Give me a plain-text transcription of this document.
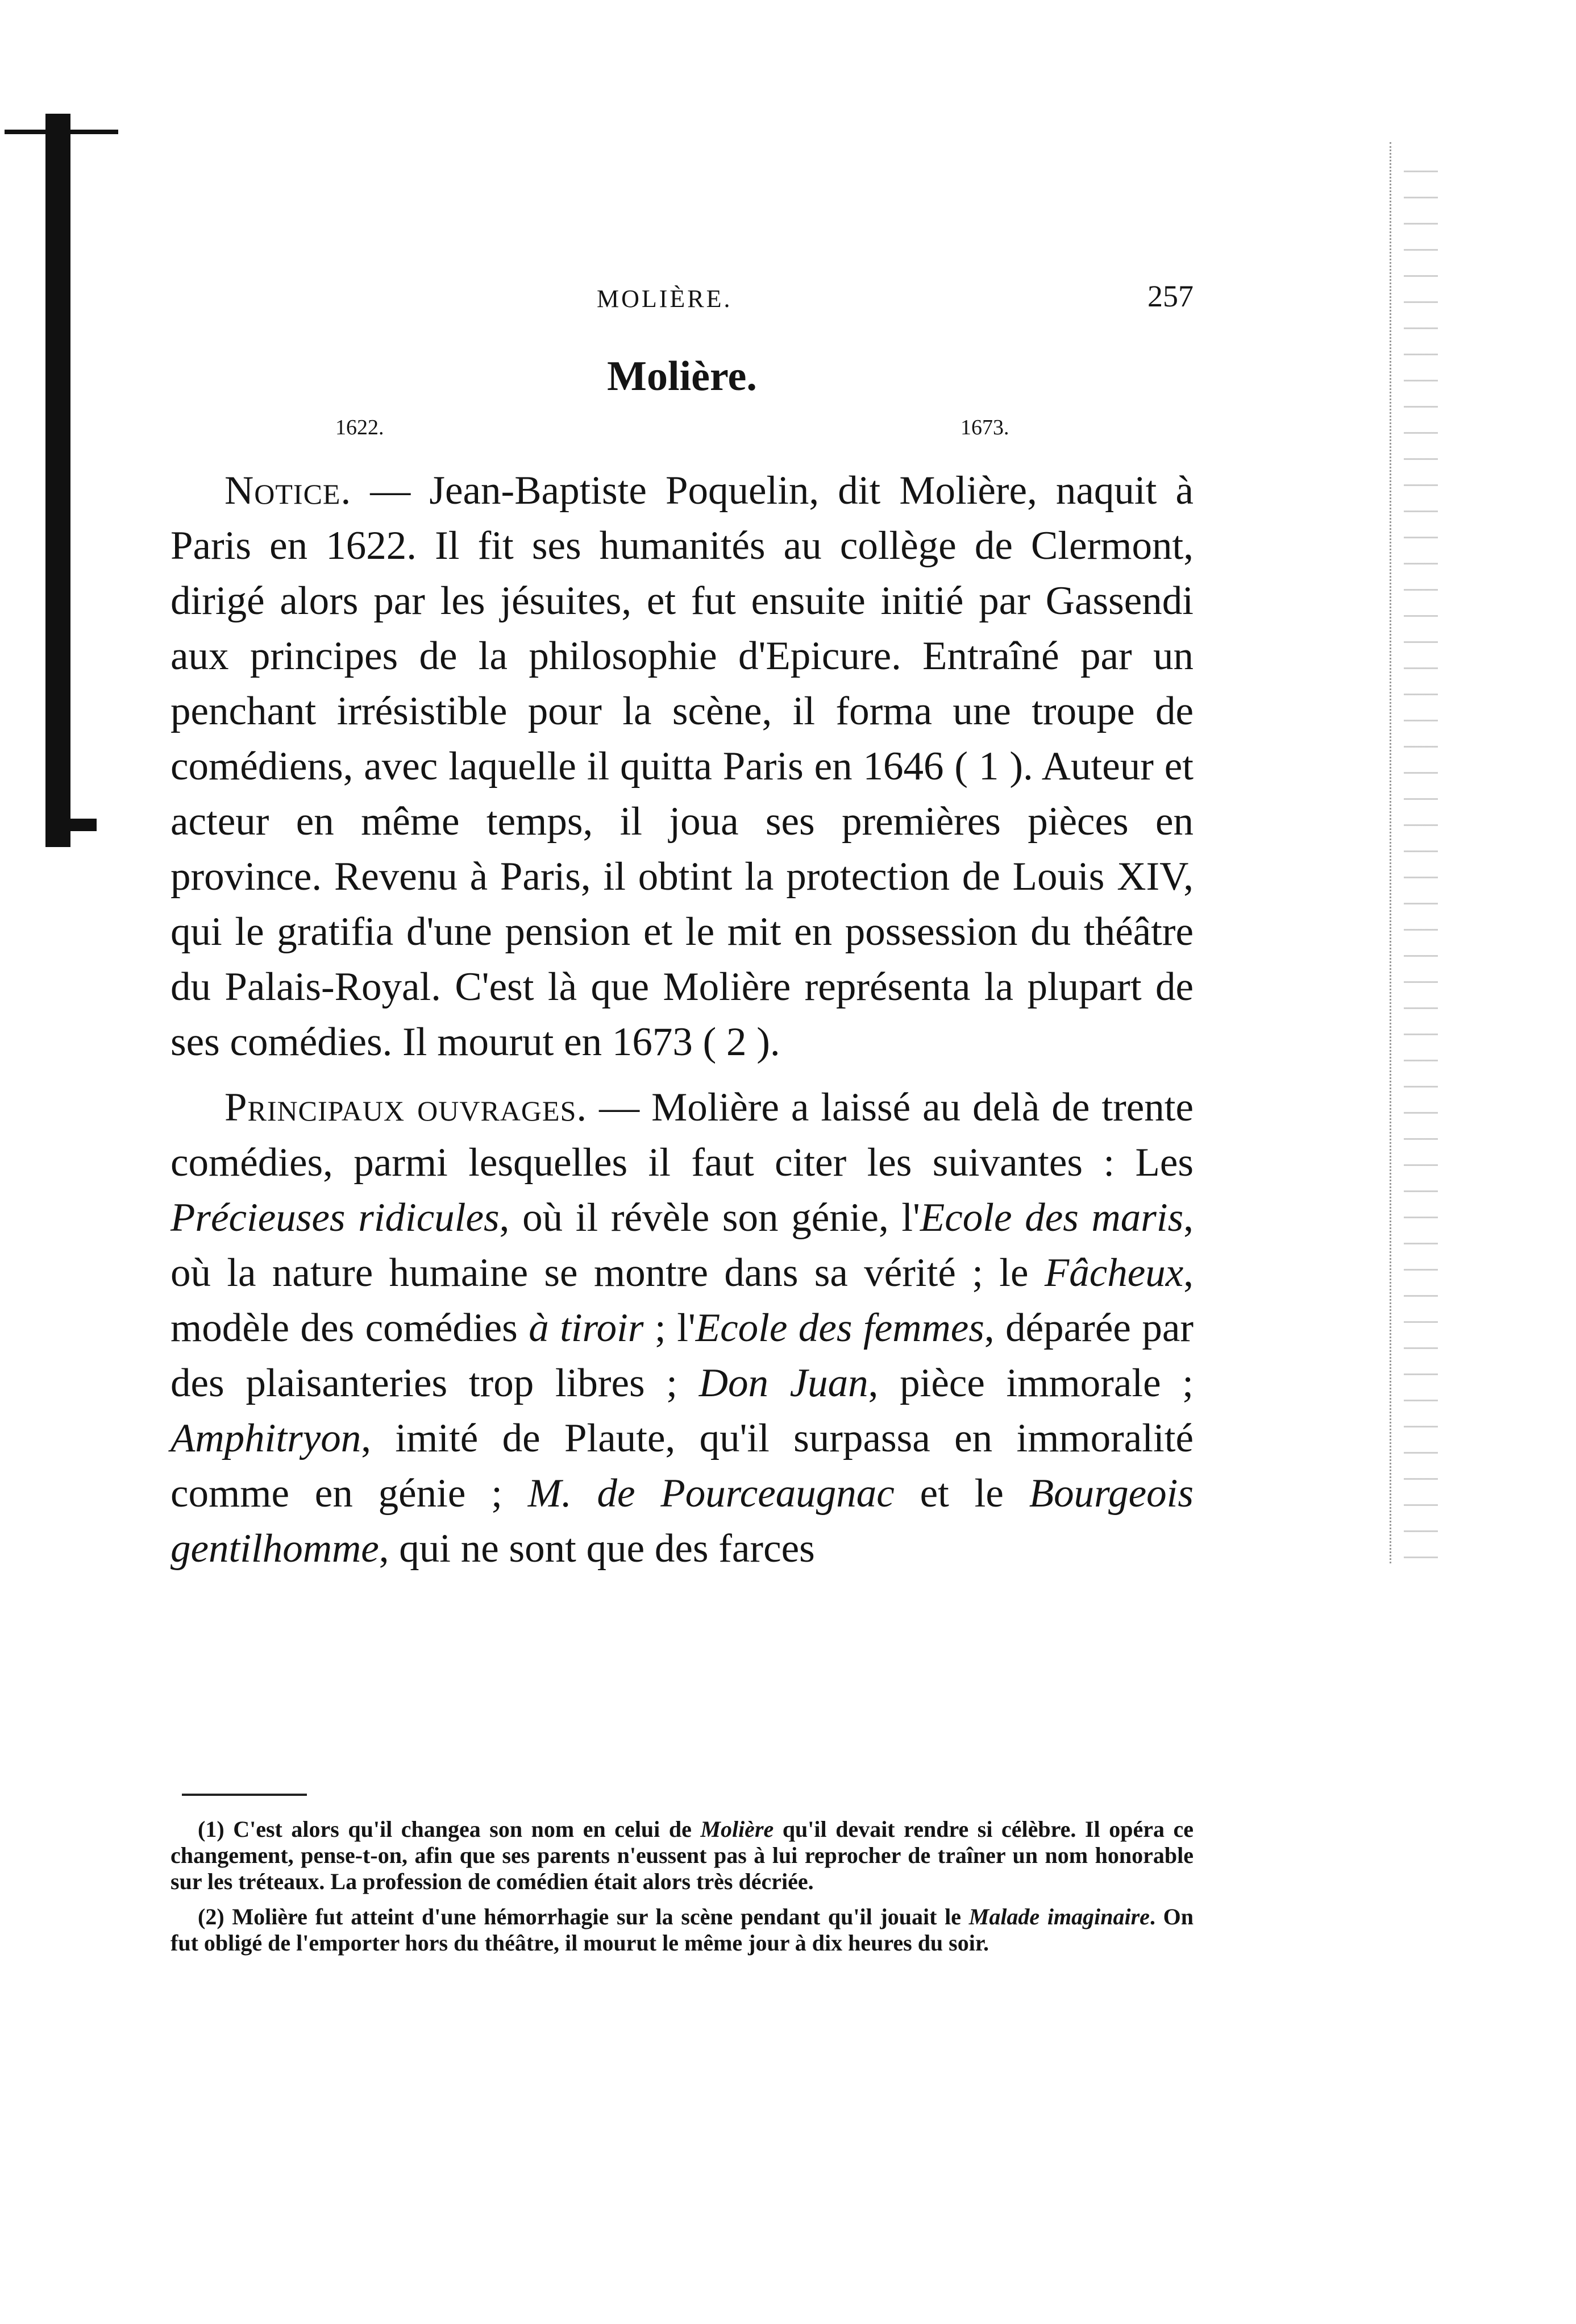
MOLIÈRE.	257
Molière.
1622.	1673.

Notice. — Jean-Baptiste Poquelin, dit Molière, naquit à Paris en 1622. Il fit ses humanités au collège de Clermont, dirigé alors par les jésuites, et fut ensuite initié par Gassendi aux principes de la philosophie d'Epicure. Entraîné par un penchant irrésistible pour la scène, il forma une troupe de comédiens, avec laquelle il quitta Paris en 1646 ( 1 ). Auteur et acteur en même temps, il joua ses premières pièces en province. Revenu à Paris, il obtint la protection de Louis XIV, qui le gratifia d'une pension et le mit en possession du théâtre du Palais-Royal. C'est là que Molière représenta la plupart de ses comédies. Il mourut en 1673 ( 2 ).

Principaux ouvrages. — Molière a laissé au delà de trente comédies, parmi lesquelles il faut citer les suivantes : Les Précieuses ridicules, où il révèle son génie, l'Ecole des maris, où la nature humaine se montre dans sa vérité ; le Fâcheux, modèle des comédies à tiroir ; l'Ecole des femmes, déparée par des plaisanteries trop libres ; Don Juan, pièce immorale ; Amphitryon, imité de Plaute, qu'il surpassa en immoralité comme en génie ; M. de Pourceaugnac et le Bourgeois gentilhomme, qui ne sont que des farces

(1) C'est alors qu'il changea son nom en celui de Molière qu'il devait rendre si célèbre. Il opéra ce changement, pense-t-on, afin que ses parents n'eussent pas à lui reprocher de traîner un nom honorable sur les tréteaux. La profession de comédien était alors très décriée.

(2) Molière fut atteint d'une hémorrhagie sur la scène pendant qu'il jouait le Malade imaginaire. On fut obligé de l'emporter hors du théâtre, il mourut le même jour à dix heures du soir.
